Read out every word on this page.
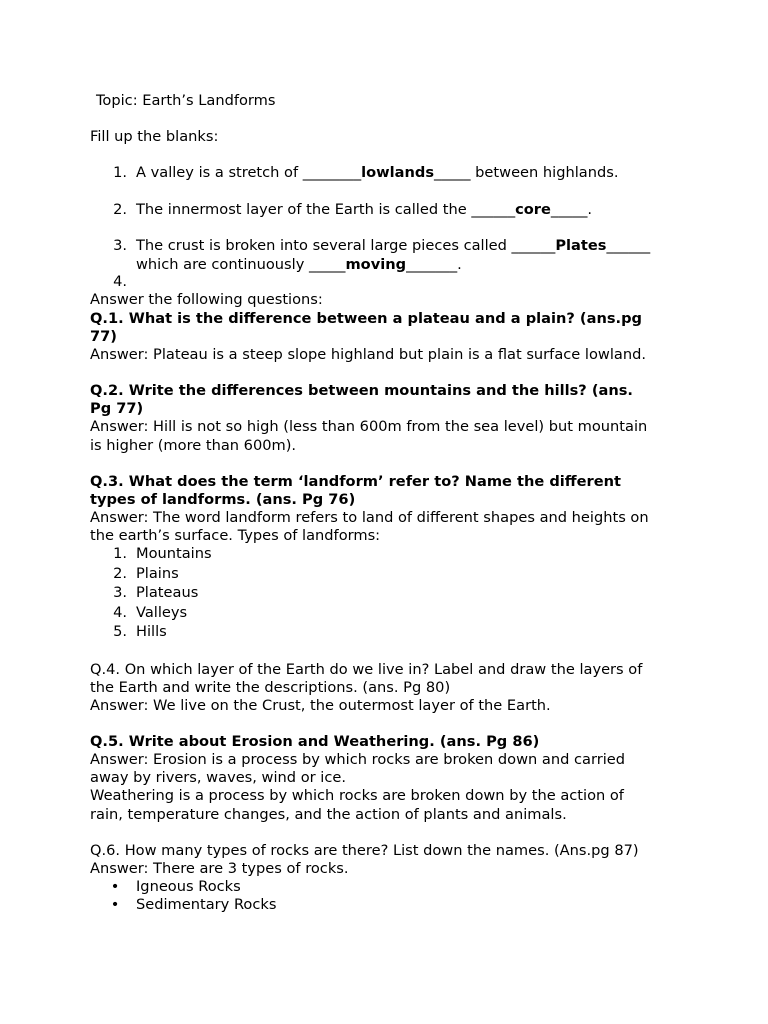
Topic: Earth’s Landforms
Fill up the blanks:
1. A valley is a stretch of ________lowlands_____ between highlands.
2. The innermost layer of the Earth is called the ______core_____.
3. The crust is broken into several large pieces called ______Plates______
which are continuously _____moving_______.
4.
Answer the following questions:
Q.1. What is the difference between a plateau and a plain? (ans.pg
77)
Answer: Plateau is a steep slope highland but plain is a flat surface lowland.
Q.2. Write the differences between mountains and the hills? (ans.
Pg 77)
Answer: Hill is not so high (less than 600m from the sea level) but mountain
is higher (more than 600m).
Q.3. What does the term ‘landform’ refer to? Name the different
types of landforms. (ans. Pg 76)
Answer: The word landform refers to land of different shapes and heights on
the earth’s surface. Types of landforms:
1. Mountains
2. Plains
3. Plateaus
4. Valleys
5. Hills
Q.4. On which layer of the Earth do we live in? Label and draw the layers of
the Earth and write the descriptions. (ans. Pg 80)
Answer: We live on the Crust, the outermost layer of the Earth.
Q.5. Write about Erosion and Weathering. (ans. Pg 86)
Answer: Erosion is a process by which rocks are broken down and carried
away by rivers, waves, wind or ice.
Weathering is a process by which rocks are broken down by the action of
rain, temperature changes, and the action of plants and animals.
Q.6. How many types of rocks are there? List down the names. (Ans.pg 87)
Answer: There are 3 types of rocks.
•	Igneous Rocks
•	Sedimentary Rocks
